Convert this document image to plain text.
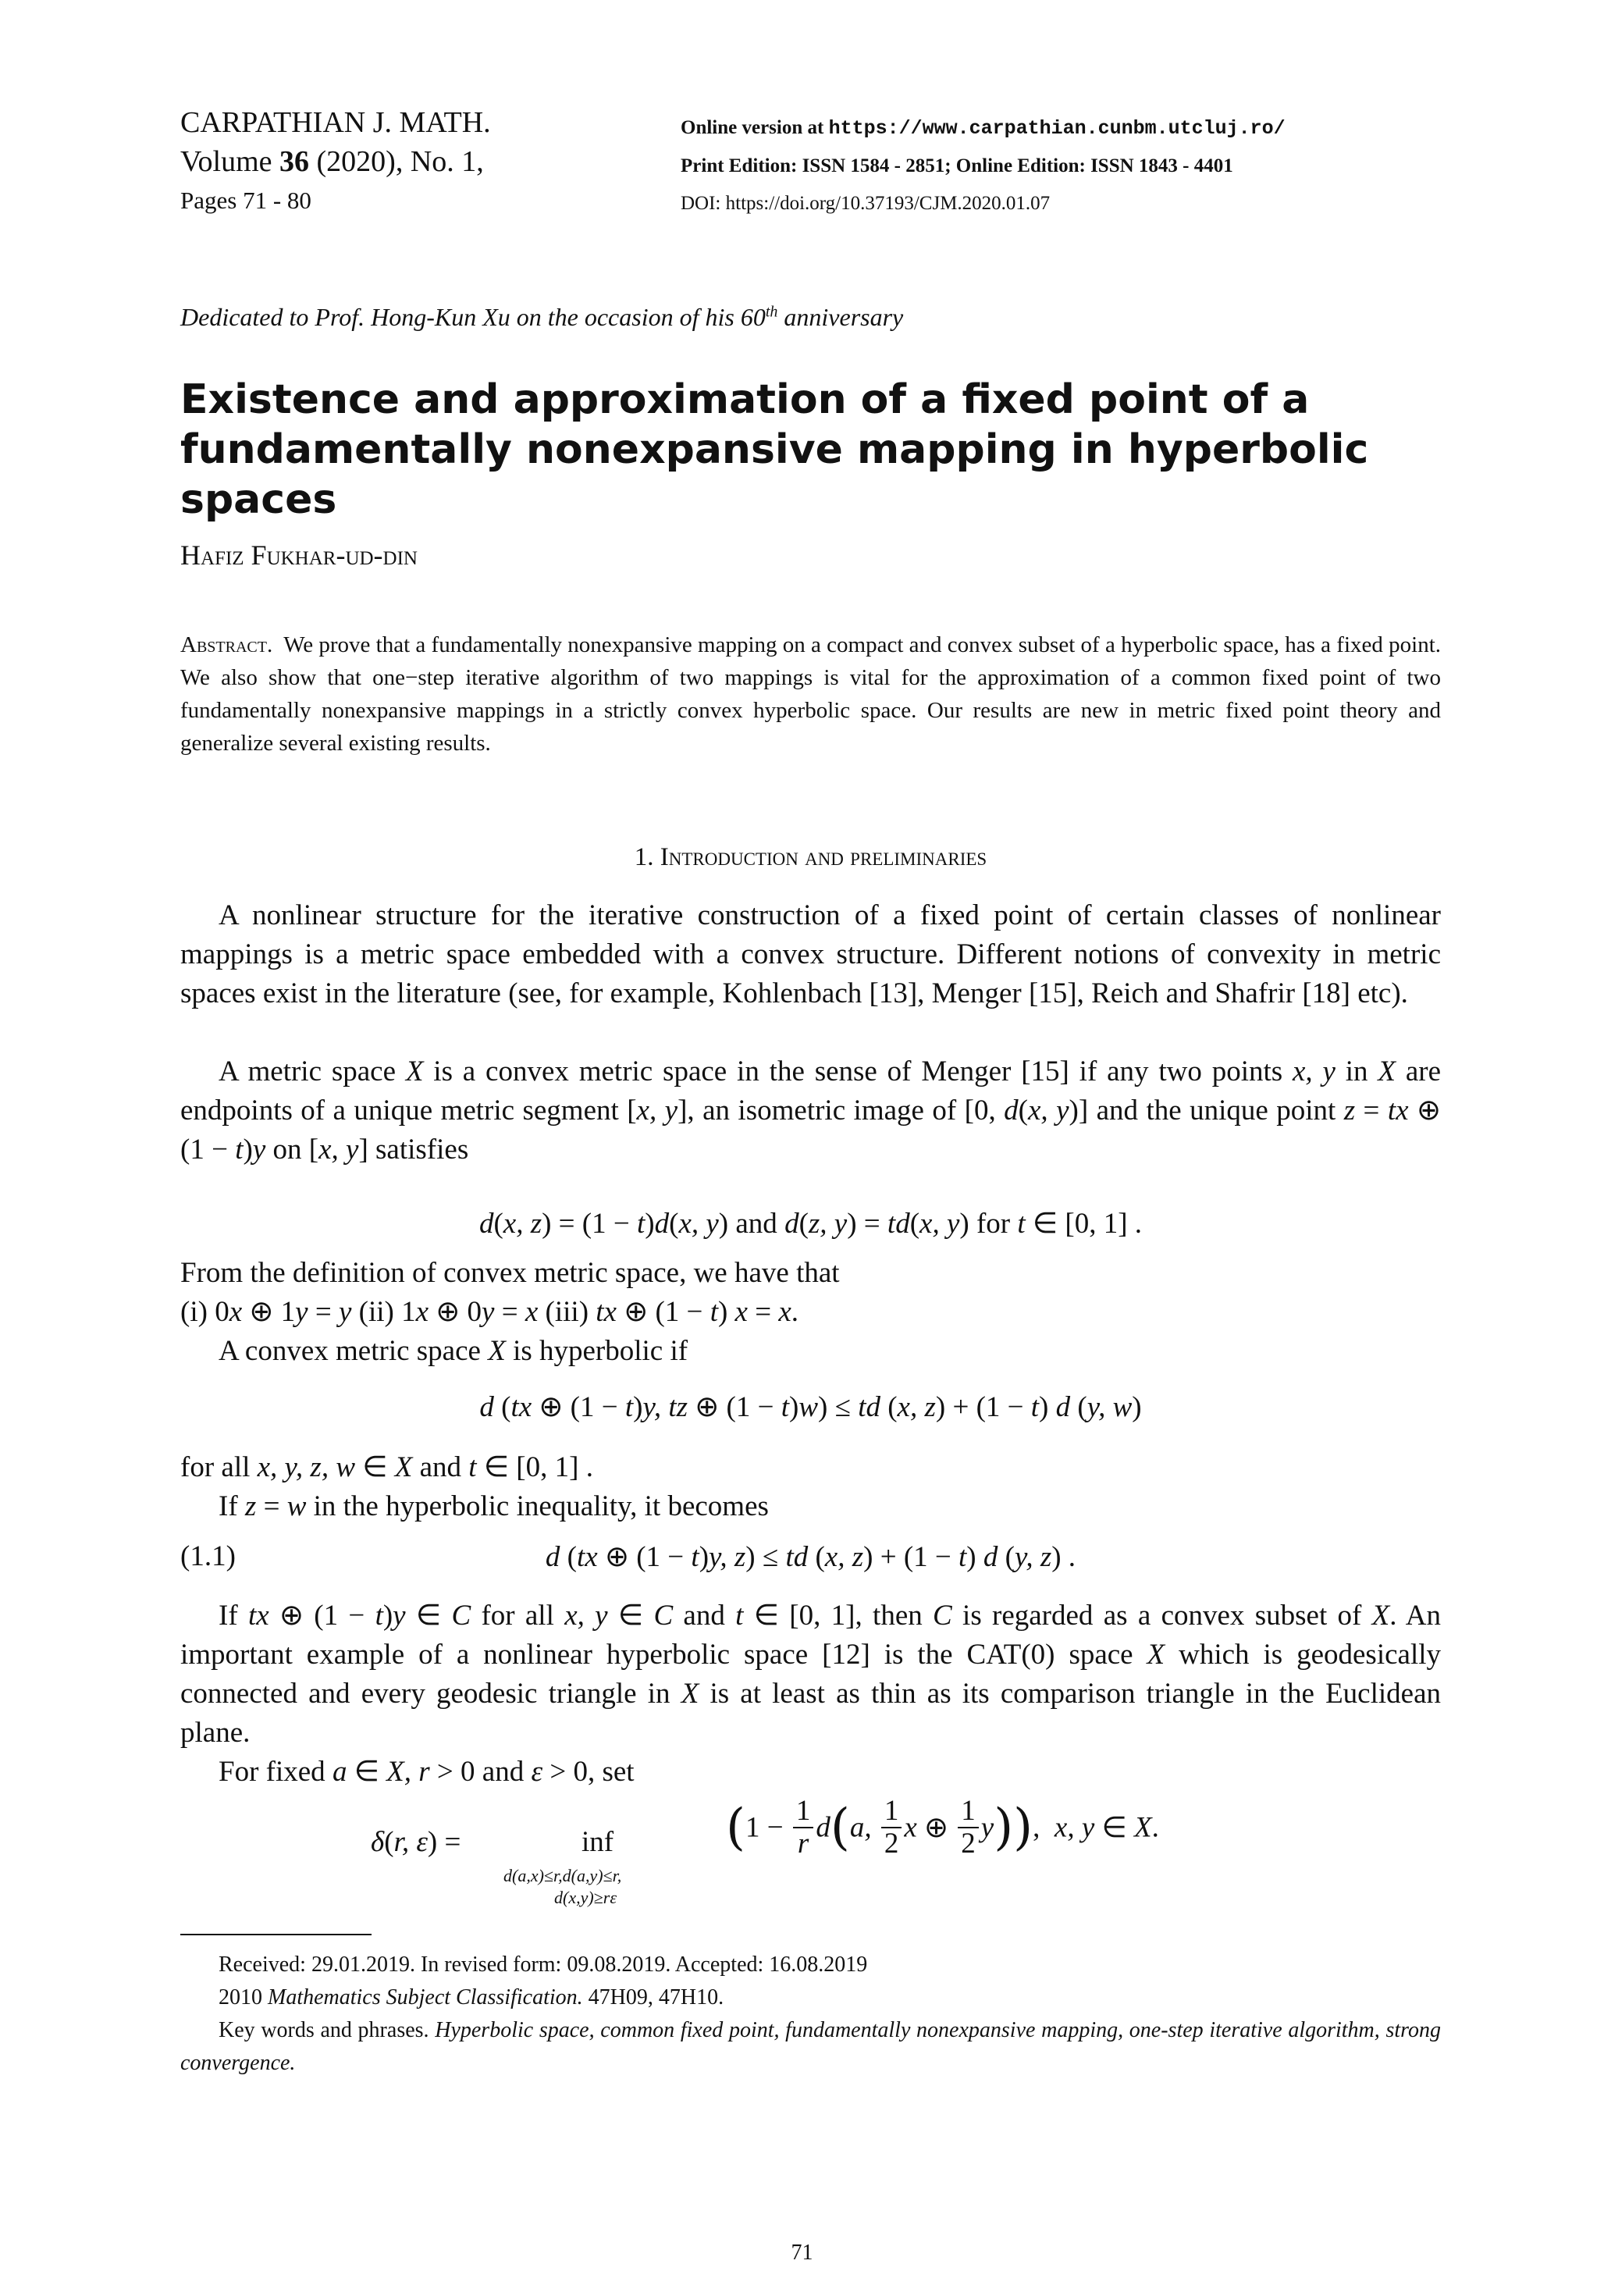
CARPATHIAN J. MATH.
Volume 36 (2020), No. 1,
Pages 71 - 80
Online version at https://www.carpathian.cunbm.utcluj.ro/
Print Edition: ISSN 1584 - 2851; Online Edition: ISSN 1843 - 4401
DOI: https://doi.org/10.37193/CJM.2020.01.07
Dedicated to Prof. Hong-Kun Xu on the occasion of his 60th anniversary
Existence and approximation of a fixed point of a
fundamentally nonexpansive mapping in hyperbolic spaces
Hafiz Fukhar-ud-din
Abstract. We prove that a fundamentally nonexpansive mapping on a compact and convex subset of a hyperbolic space, has a fixed point. We also show that one−step iterative algorithm of two mappings is vital for the approximation of a common fixed point of two fundamentally nonexpansive mappings in a strictly convex hyperbolic space. Our results are new in metric fixed point theory and generalize several existing results.
1. Introduction and preliminaries
A nonlinear structure for the iterative construction of a fixed point of certain classes of nonlinear mappings is a metric space embedded with a convex structure. Different notions of convexity in metric spaces exist in the literature (see, for example, Kohlenbach [13], Menger [15], Reich and Shafrir [18] etc).
A metric space X is a convex metric space in the sense of Menger [15] if any two points x, y in X are endpoints of a unique metric segment [x, y], an isometric image of [0, d(x, y)] and the unique point z = tx ⊕ (1 − t)y on [x, y] satisfies
d(x, z) = (1 − t)d(x, y) and d(z, y) = td(x, y) for t ∈ [0, 1] .
From the definition of convex metric space, we have that
(i) 0x ⊕ 1y = y (ii) 1x ⊕ 0y = x (iii) tx ⊕ (1 − t) x = x.
A convex metric space X is hyperbolic if
d (tx ⊕ (1 − t)y, tz ⊕ (1 − t)w) ≤ td (x, z) + (1 − t) d (y, w)
for all x, y, z, w ∈ X and t ∈ [0, 1] .
If z = w in the hyperbolic inequality, it becomes
(1.1)	d (tx ⊕ (1 − t)y, z) ≤ td (x, z) + (1 − t) d (y, z) .
If tx ⊕ (1 − t)y ∈ C for all x, y ∈ C and t ∈ [0, 1], then C is regarded as a convex subset of X. An important example of a nonlinear hyperbolic space [12] is the CAT(0) space X which is geodesically connected and every geodesic triangle in X is at least as thin as its comparison triangle in the Euclidean plane.
For fixed a ∈ X, r > 0 and ε > 0, set
δ(r, ε) =	inf
d(a,x)≤r,d(a,y)≤r,
d(x,y)≥rε
($1 - \frac{1}{r} d(a$, $\frac{1}{2}$ x ⊕ $\frac{1}{2} y$)),  x, y ∈ X.
Received: 29.01.2019. In revised form: 09.08.2019. Accepted: 16.08.2019
2010 Mathematics Subject Classification. 47H09, 47H10.
Key words and phrases. Hyperbolic space, common fixed point, fundamentally nonexpansive mapping, one-step iterative algorithm, strong convergence.
71
